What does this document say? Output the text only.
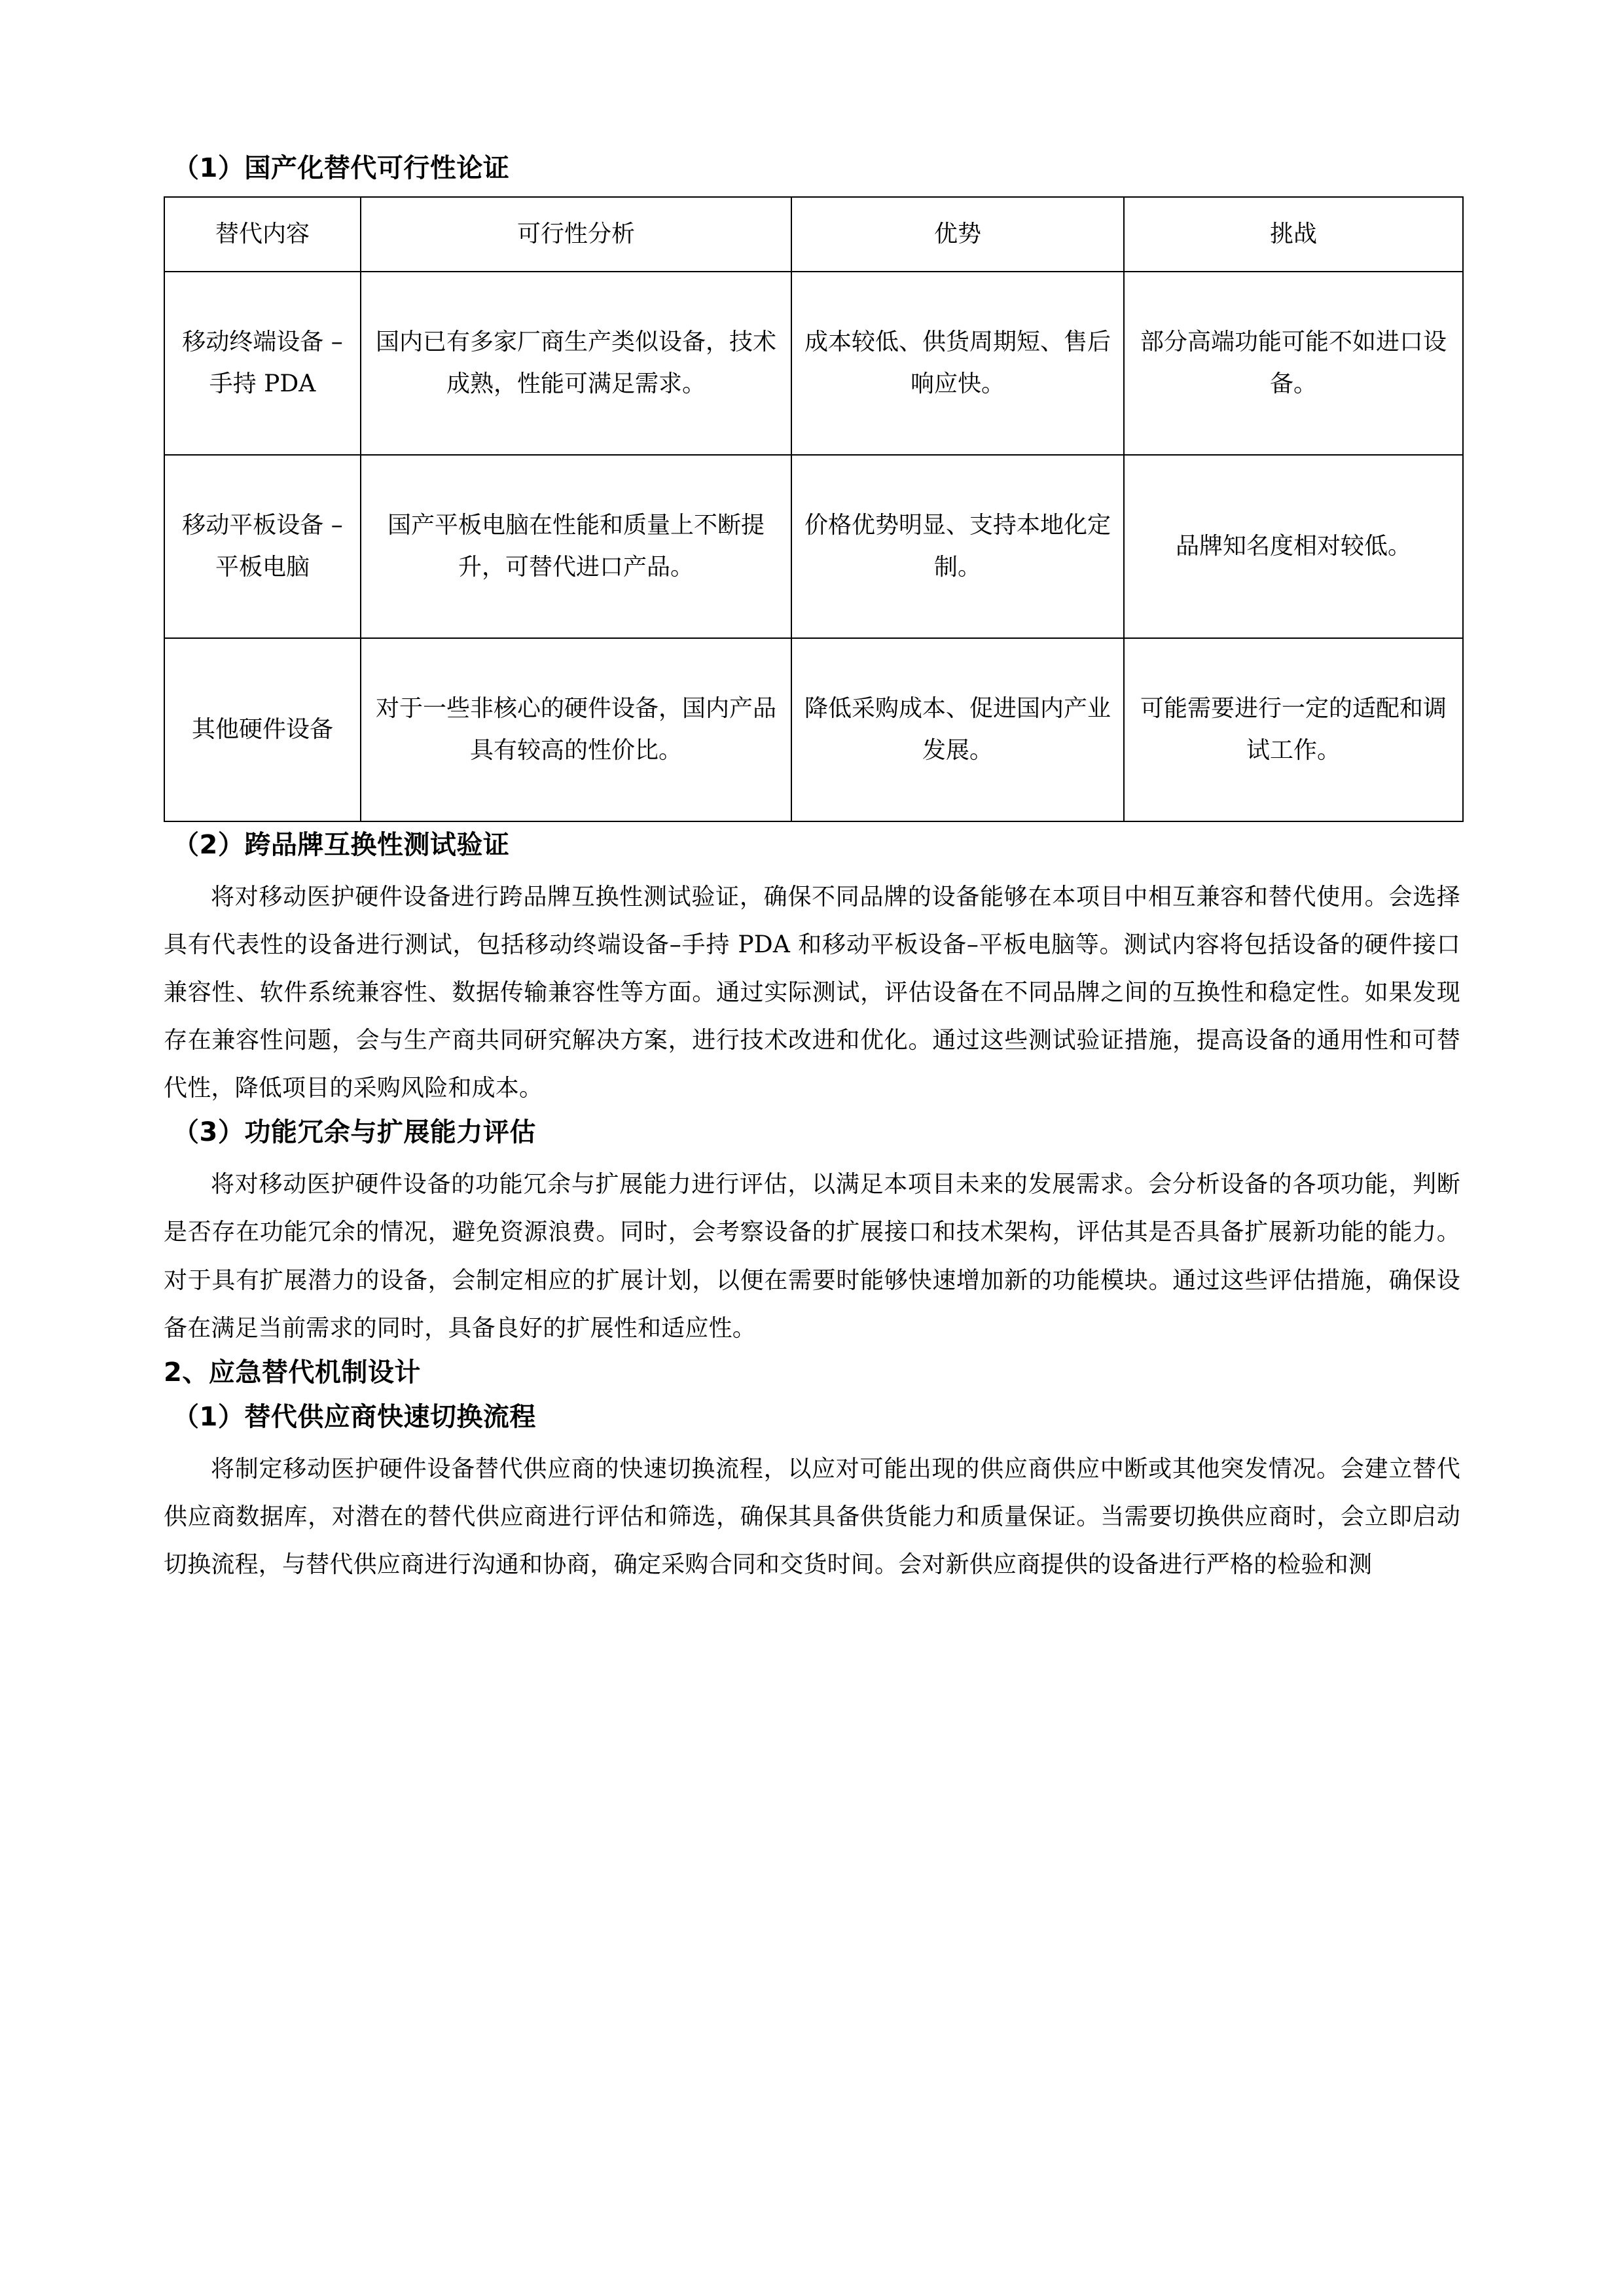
（1）国产化替代可行性论证
替代内容	可行性分析	优势	挑战
移动终端设备 –手持 PDA	国内已有多家厂商生产类似设备，技术成熟，性能可满足需求。	成本较低、供货周期短、售后响应快。	部分高端功能可能不如进口设备。
移动平板设备 –平板电脑	国产平板电脑在性能和质量上不断提升，可替代进口产品。	价格优势明显、支持本地化定制。	品牌知名度相对较低。
其他硬件设备	对于一些非核心的硬件设备，国内产品具有较高的性价比。	降低采购成本、促进国内产业发展。	可能需要进行一定的适配和调试工作。
（2）跨品牌互换性测试验证

将对移动医护硬件设备进行跨品牌互换性测试验证，确保不同品牌的设备能够在本项目中相互兼容和替代使用。会选择具有代表性的设备进行测试，包括移动终端设备–手持 PDA 和移动平板设备–平板电脑等。测试内容将包括设备的硬件接口兼容性、软件系统兼容性、数据传输兼容性等方面。通过实际测试，评估设备在不同品牌之间的互换性和稳定性。如果发现存在兼容性问题，会与生产商共同研究解决方案，进行技术改进和优化。通过这些测试验证措施，提高设备的通用性和可替代性，降低项目的采购风险和成本。

（3）功能冗余与扩展能力评估

将对移动医护硬件设备的功能冗余与扩展能力进行评估，以满足本项目未来的发展需求。会分析设备的各项功能，判断是否存在功能冗余的情况，避免资源浪费。同时，会考察设备的扩展接口和技术架构，评估其是否具备扩展新功能的能力。对于具有扩展潜力的设备，会制定相应的扩展计划，以便在需要时能够快速增加新的功能模块。通过这些评估措施，确保设备在满足当前需求的同时，具备良好的扩展性和适应性。

2、应急替代机制设计
（1）替代供应商快速切换流程

将制定移动医护硬件设备替代供应商的快速切换流程，以应对可能出现的供应商供应中断或其他突发情况。会建立替代供应商数据库，对潜在的替代供应商进行评估和筛选，确保其具备供货能力和质量保证。当需要切换供应商时，会立即启动切换流程，与替代供应商进行沟通和协商，确定采购合同和交货时间。会对新供应商提供的设备进行严格的检验和测
